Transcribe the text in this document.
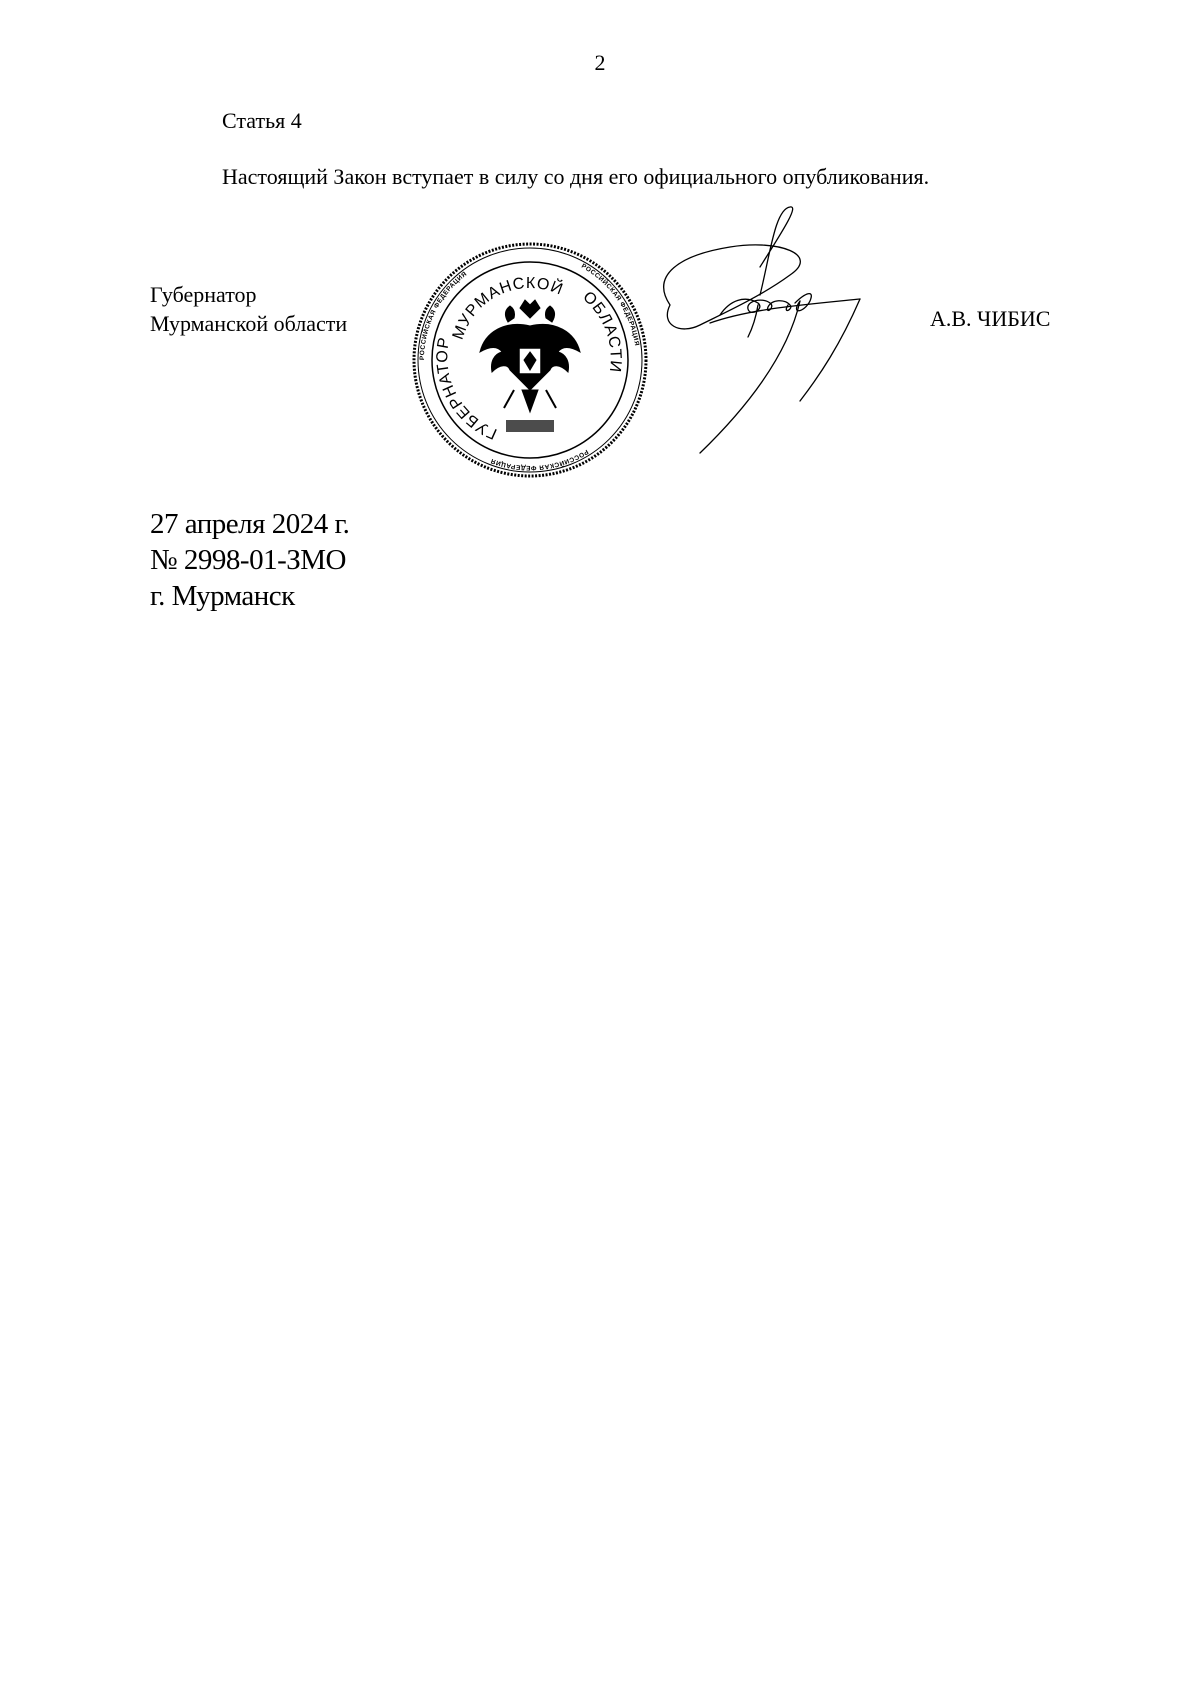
2
Статья 4
Настоящий Закон вступает в силу со дня его официального опубликования.
Губернатор
Мурманской области
РОССИЙСКАЯ ФЕДЕРАЦИЯ
РОССИЙСКАЯ ФЕДЕРАЦИЯ
РОССИЙСКАЯ ФЕДЕРАЦИЯ
МУРМАНСКОЙ
ГУБЕРНАТОР
ОБЛАСТИ
А.В. ЧИБИС
27 апреля 2024 г.
№ 2998-01-ЗМО
г. Мурманск
